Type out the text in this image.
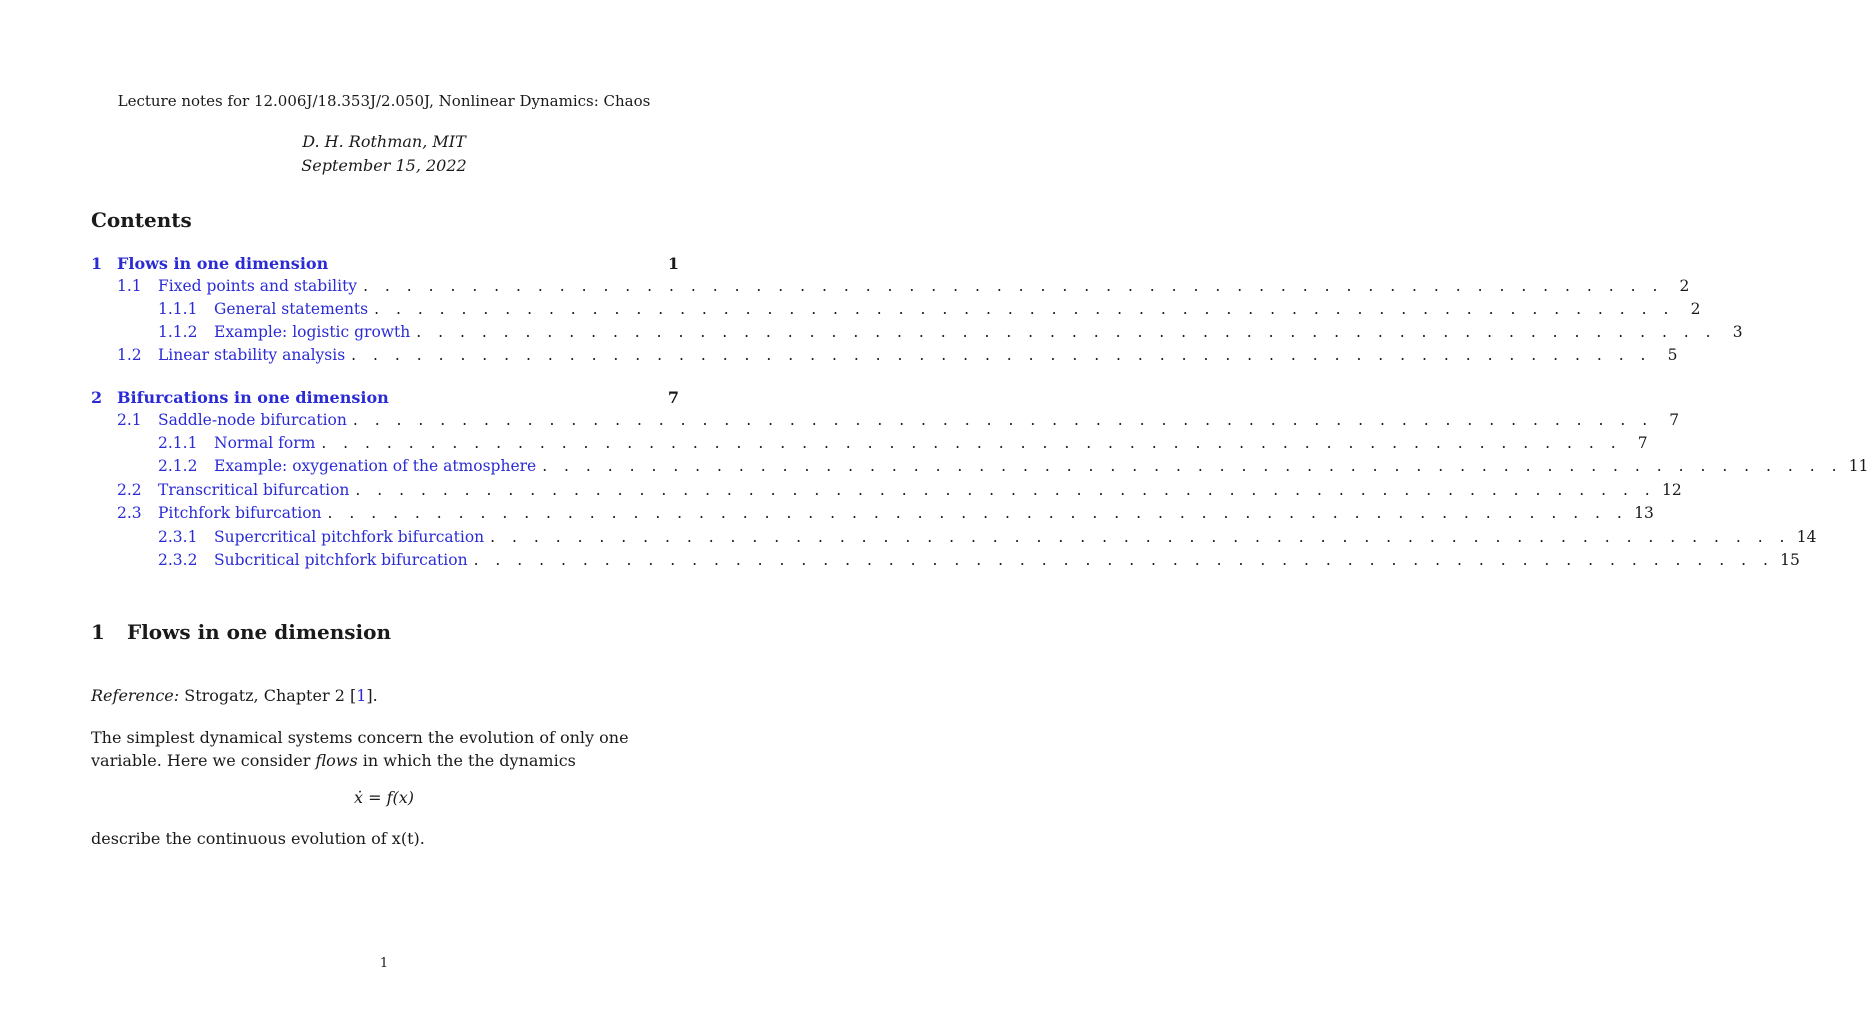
Lecture notes for 12.006J/18.353J/2.050J, Nonlinear Dynamics: Chaos
D. H. Rothman, MIT
September 15, 2022
Contents
1 Flows in one dimension	1
1.1	Fixed points and stability . . . . . . . . . . . . . . . . . . . . . . . . . . . . . . . . . . . . . . . . . . . . . . . . . . . . . . . . . . . .	2
1.1.1	General statements . . . . . . . . . . . . . . . . . . . . . . . . . . . . . . . . . . . . . . . . . . . . . . . . . . . . . . . . . . . .	2
1.1.2	Example: logistic growth . . . . . . . . . . . . . . . . . . . . . . . . . . . . . . . . . . . . . . . . . . . . . . . . . . . . . . . . . . . .	3
1.2	Linear stability analysis . . . . . . . . . . . . . . . . . . . . . . . . . . . . . . . . . . . . . . . . . . . . . . . . . . . . . . . . . . . .	5
2 Bifurcations in one dimension	7
2.1	Saddle-node bifurcation . . . . . . . . . . . . . . . . . . . . . . . . . . . . . . . . . . . . . . . . . . . . . . . . . . . . . . . . . . . .	7
2.1.1	Normal form . . . . . . . . . . . . . . . . . . . . . . . . . . . . . . . . . . . . . . . . . . . . . . . . . . . . . . . . . . . .	7
2.1.2	Example: oxygenation of the atmosphere . . . . . . . . . . . . . . . . . . . . . . . . . . . . . . . . . . . . . . . . . . . . . . . . . . . . . . . . . . . . 11
2.2	Transcritical bifurcation . . . . . . . . . . . . . . . . . . . . . . . . . . . . . . . . . . . . . . . . . . . . . . . . . . . . . . . . . . . . 12
2.3	Pitchfork bifurcation . . . . . . . . . . . . . . . . . . . . . . . . . . . . . . . . . . . . . . . . . . . . . . . . . . . . . . . . . . . . 13
2.3.1	Supercritical pitchfork bifurcation . . . . . . . . . . . . . . . . . . . . . . . . . . . . . . . . . . . . . . . . . . . . . . . . . . . . . . . . . . . . 14
2.3.2	Subcritical pitchfork bifurcation . . . . . . . . . . . . . . . . . . . . . . . . . . . . . . . . . . . . . . . . . . . . . . . . . . . . . . . . . . . . 15
1 Flows in one dimension
Reference: Strogatz, Chapter 2 [1].
The simplest dynamical systems concern the evolution of only one variable. Here we consider flows in which the the dynamics
ẋ = f(x)
describe the continuous evolution of x(t).
1
